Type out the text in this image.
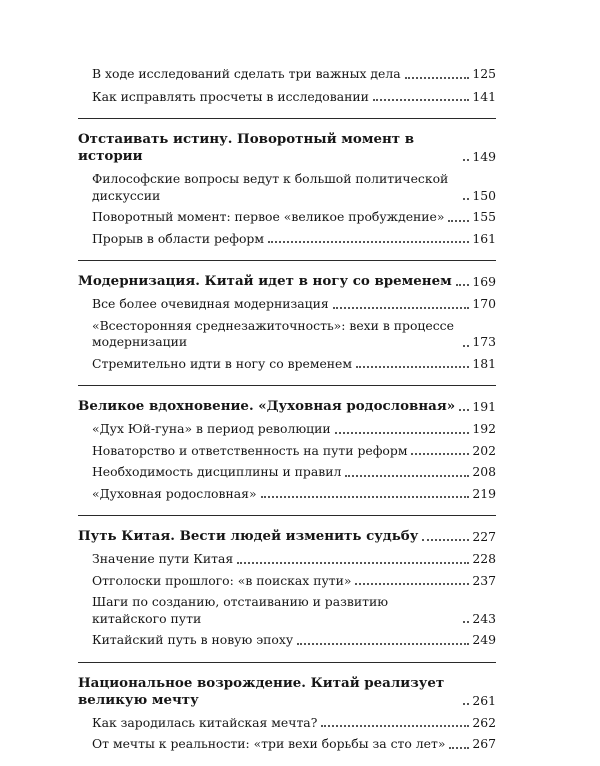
В ходе исследований сделать три важных дела	125
Как исправлять просчеты в исследовании	141
Отстаивать истину. Поворотный момент в истории	149
Философские вопросы ведут к большой политической дискуссии	150
Поворотный момент: первое «великое пробуждение» 155
Прорыв в области реформ	161
Модернизация. Китай идет в ногу со временем 169
Все более очевидная модернизация	170
«Всесторонняя среднезажиточность»: вехи в процессе модернизации	173
Стремительно идти в ногу со временем	181
Великое вдохновение. «Духовная родословная» 191
«Дух Юй-гуна» в период революции	192
Новаторство и ответственность на пути реформ	202
Необходимость дисциплины и правил	208
«Духовная родословная»	219
Путь Китая. Вести людей изменить судьбу	227
Значение пути Китая	228
Отголоски прошлого: «в поисках пути»	237
Шаги по созданию, отстаиванию и развитию китайского пути	243
Китайский путь в новую эпоху	249
Национальное возрождение. Китай реализует великую мечту	261
Как зародилась китайская мечта?	262
От мечты к реальности: «три вехи борьбы за сто лет» 267
